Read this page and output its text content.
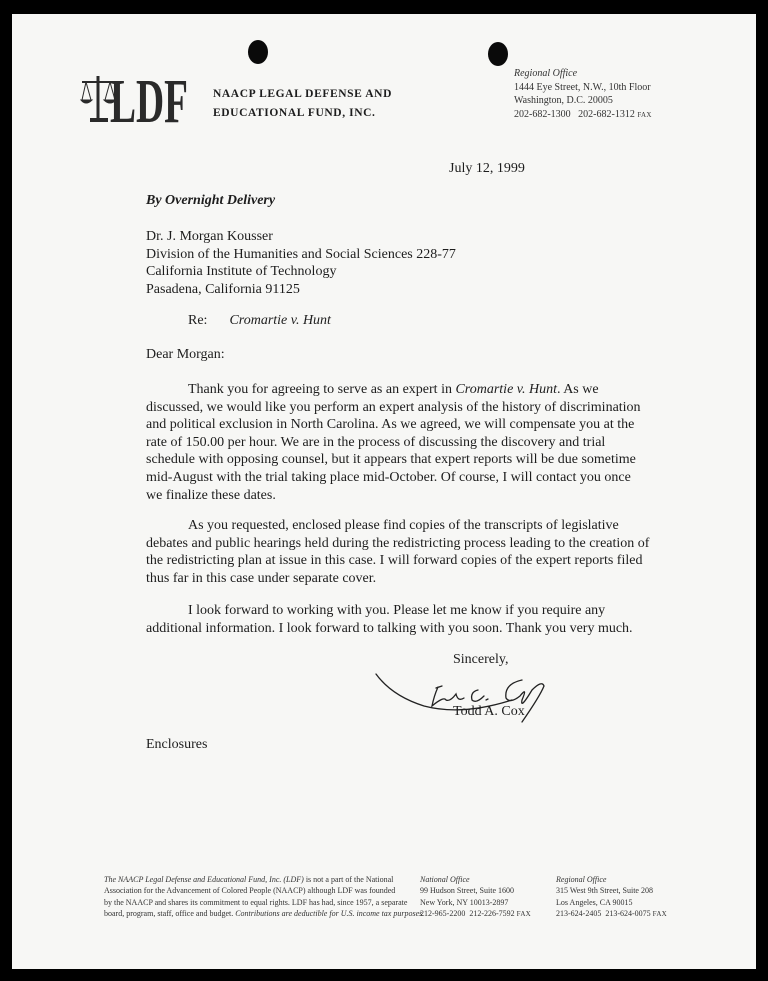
LDF NAACP LEGAL DEFENSE AND
EDUCATIONAL FUND, INC.
Regional Office
1444 Eye Street, N.W., 10th Floor
Washington, D.C. 20005
202-682-1300 202-682-1312 FAX
July 12, 1999
By Overnight Delivery
Dr. J. Morgan Kousser
Division of the Humanities and Social Sciences 228-77
California Institute of Technology
Pasadena, California 91125
Re: Cromartie v. Hunt
Dear Morgan:
Thank you for agreeing to serve as an expert in Cromartie v. Hunt. As we
discussed, we would like you perform an expert analysis of the history of discrimination
and political exclusion in North Carolina. As we agreed, we will compensate you at the
rate of 150.00 per hour. We are in the process of discussing the discovery and trial
schedule with opposing counsel, but it appears that expert reports will be due sometime
mid-August with the trial taking place mid-October. Of course, I will contact you once
we finalize these dates.
As you requested, enclosed please find copies of the transcripts of legislative
debates and public hearings held during the redistricting process leading to the creation of
the redistricting plan at issue in this case. I will forward copies of the expert reports filed
thus far in this case under separate cover.
I look forward to working with you. Please let me know if you require any
additional information. I look forward to talking with you soon. Thank you very much.
Sincerely,
Todd A. Cox
Enclosures
The NAACP Legal Defense and Educational Fund, Inc. (LDF) is not a part of the National
Association for the Advancement of Colored People (NAACP) although LDF was founded
by the NAACP and shares its commitment to equal rights. LDF has had, since 1957, a separate
board, program, staff, office and budget. Contributions are deductible for U.S. income tax purposes.
National Office
99 Hudson Street, Suite 1600
New York, NY 10013-2897
212-965-2200 212-226-7592 FAX
Regional Office
315 West 9th Street, Suite 208
Los Angeles, CA 90015
213-624-2405 213-624-0075 FAX
